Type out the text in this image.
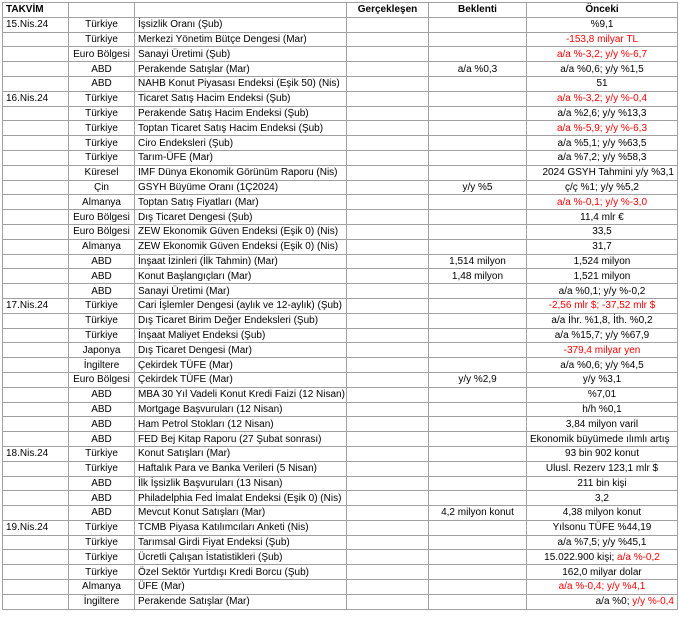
TAKVİM			Gerçekleşen	Beklenti	Önceki
15.Nis.24	Türkiye	İşsizlik Oranı (Şub)			%9,1
	Türkiye	Merkezi Yönetim Bütçe Dengesi (Mar)			-153,8 milyar TL
	Euro Bölgesi	Sanayi Üretimi (Şub)			a/a %-3,2; y/y %-6,7
	ABD	Perakende Satışlar (Mar)		a/a %0,3	a/a %0,6; y/y %1,5
	ABD	NAHB Konut Piyasası Endeksi (Eşik 50) (Nis)			51
16.Nis.24	Türkiye	Ticaret Satış Hacim Endeksi (Şub)			a/a %-3,2; y/y %-0,4
	Türkiye	Perakende Satış Hacim Endeksi (Şub)			a/a %2,6; y/y %13,3
	Türkiye	Toptan Ticaret Satış Hacim Endeksi (Şub)			a/a %-5,9; y/y %-6,3
	Türkiye	Ciro Endeksleri (Şub)			a/a %5,1; y/y %63,5
	Türkiye	Tarım-ÜFE (Mar)			a/a %7,2; y/y %58,3
	Küresel	IMF Dünya Ekonomik Görünüm Raporu (Nis)			2024 GSYH Tahmini y/y %3,1
	Çin	GSYH Büyüme Oranı (1Ç2024)		y/y %5	ç/ç %1; y/y %5,2
	Almanya	Toptan Satış Fiyatları (Mar)			a/a %-0,1; y/y %-3,0
	Euro Bölgesi	Dış Ticaret Dengesi (Şub)			11,4 mlr €
	Euro Bölgesi	ZEW Ekonomik Güven Endeksi (Eşik 0) (Nis)			33,5
	Almanya	ZEW Ekonomik Güven Endeksi (Eşik 0) (Nis)			31,7
	ABD	İnşaat İzinleri (İlk Tahmin) (Mar)		1,514 milyon	1,524 milyon
	ABD	Konut Başlangıçları (Mar)		1,48 milyon	1,521 milyon
	ABD	Sanayi Üretimi (Mar)			a/a %0,1; y/y %-0,2
17.Nis.24	Türkiye	Cari İşlemler Dengesi (aylık ve 12-aylık) (Şub)			-2,56 mlr $; -37,52 mlr $
	Türkiye	Dış Ticaret Birim Değer Endeksleri (Şub)			a/a İhr. %1,8, İth. %0,2
	Türkiye	İnşaat Maliyet Endeksi (Şub)			a/a %15,7; y/y %67,9
	Japonya	Dış Ticaret Dengesi (Mar)			-379,4 milyar yen
	İngiltere	Çekirdek TÜFE (Mar)			a/a %0,6; y/y %4,5
	Euro Bölgesi	Çekirdek TÜFE (Mar)		y/y %2,9	y/y %3,1
	ABD	MBA 30 Yıl Vadeli Konut Kredi Faizi (12 Nisan)			%7,01
	ABD	Mortgage Başvuruları (12 Nisan)			h/h %0,1
	ABD	Ham Petrol Stokları (12 Nisan)			3,84 milyon varil
	ABD	FED Bej Kitap Raporu (27 Şubat sonrası)			Ekonomik büyümede ılımlı artış
18.Nis.24	Türkiye	Konut Satışları (Mar)			93 bin 902 konut
	Türkiye	Haftalık Para ve Banka Verileri (5 Nisan)			Ulusl. Rezerv 123,1 mlr $
	ABD	İlk İşsizlik Başvuruları (13 Nisan)			211 bin kişi
	ABD	Philadelphia Fed İmalat Endeksi (Eşik 0) (Nis)			3,2
	ABD	Mevcut Konut Satışları (Mar)		4,2 milyon konut	4,38 milyon konut
19.Nis.24	Türkiye	TCMB Piyasa Katılımcıları Anketi (Nis)			Yılsonu TÜFE %44,19
	Türkiye	Tarımsal Girdi Fiyat Endeksi (Şub)			a/a %7,5; y/y %45,1
	Türkiye	Ücretli Çalışan İstatistikleri (Şub)			15.022.900 kişi; a/a %-0,2
	Türkiye	Özel Sektör Yurtdışı Kredi Borcu (Şub)			162,0 milyar dolar
	Almanya	ÜFE (Mar)			a/a %-0,4; y/y %4,1
	İngiltere	Perakende Satışlar (Mar)			a/a %0; y/y %-0,4
